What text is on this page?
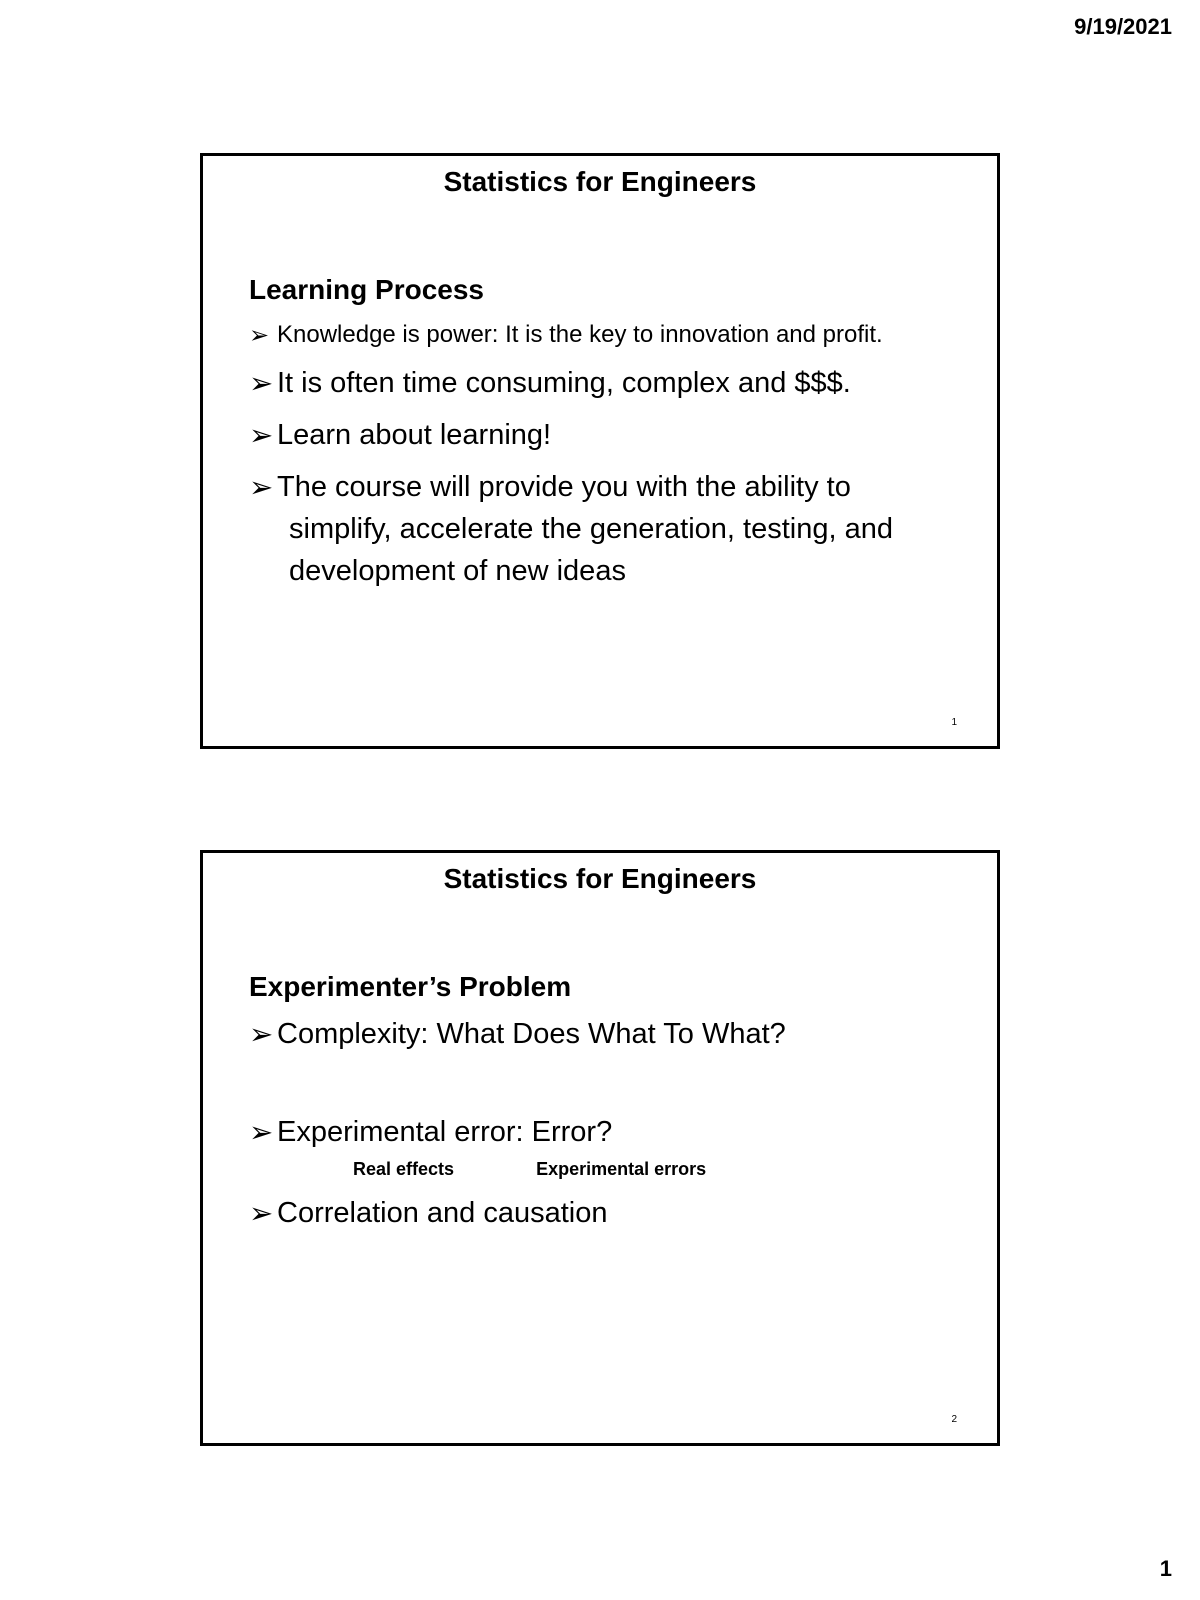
9/19/2021
Statistics for Engineers
Learning Process

➢ Knowledge is power: It is the key to innovation and profit.

➢ It is often time consuming, complex and $$$.

➢ Learn about learning!

➢ The course will provide you with the ability to

simplify, accelerate the generation, testing, and development of new ideas

1
Statistics for Engineers
Experimenter’s Problem

➢ Complexity: What Does What To What?

➢ Experimental error: Error?

Real effects	Experimental errors

➢ Correlation and causation

2
1
